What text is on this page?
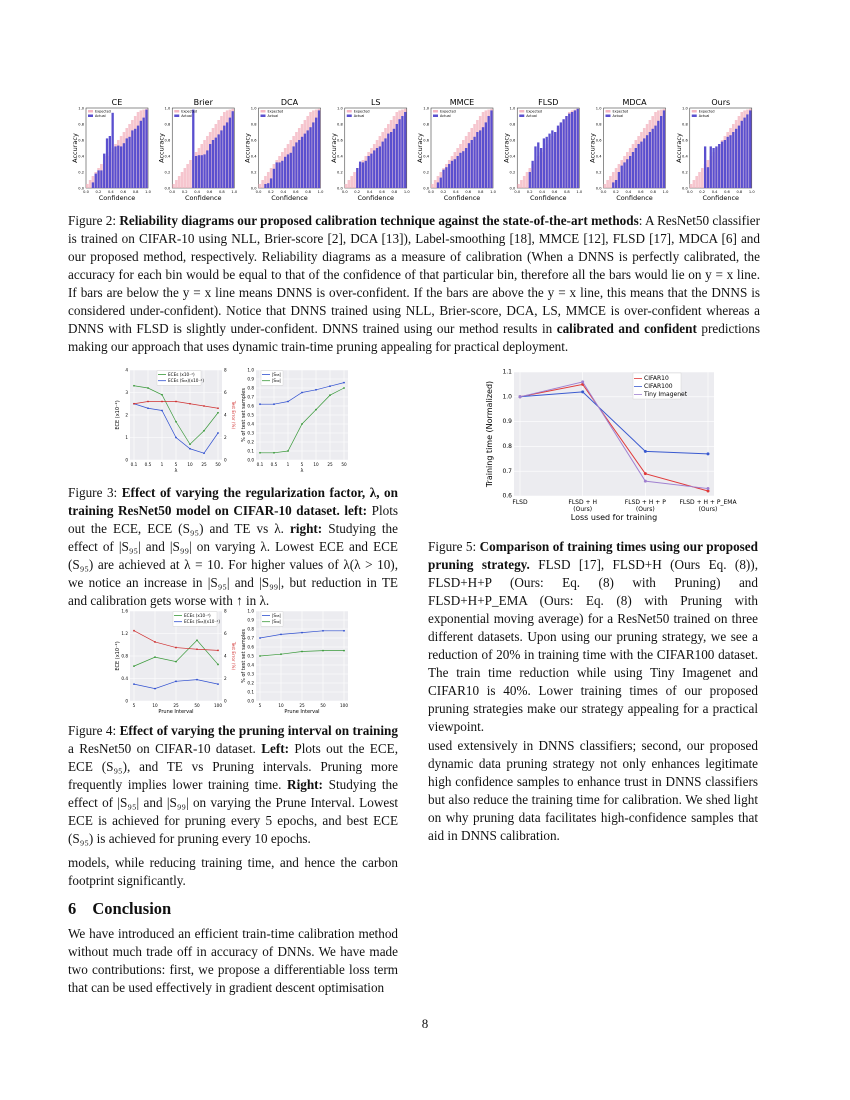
CE
0.0
0.2
0.4
0.6
0.8
1.0
0.0 0.2 0.4 0.6 0.8 1.0
Confidence
Accuracy
Expected
Actual
Brier
0.0
0.2
0.4
0.6
0.8
1.0
0.0 0.2 0.4 0.6 0.8 1.0
Confidence
Accuracy
Expected
Actual
DCA
0.0
0.2
0.4
0.6
0.8
1.0
0.0 0.2 0.4 0.6 0.8 1.0
Confidence
Accuracy
Expected
Actual
LS
0.0
0.2
0.4
0.6
0.8
1.0
0.0 0.2 0.4 0.6 0.8 1.0
Confidence
Accuracy
Expected
Actual
MMCE
0.0
0.2
0.4
0.6
0.8
1.0
0.0 0.2 0.4 0.6 0.8 1.0
Confidence
Accuracy
Expected
Actual
FLSD
0.0
0.2
0.4
0.6
0.8
1.0
0.0 0.2 0.4 0.6 0.8 1.0
Confidence
Accuracy
Expected
Actual
MDCA
0.0
0.2
0.4
0.6
0.8
1.0
0.0 0.2 0.4 0.6 0.8 1.0
Confidence
Accuracy
Expected
Actual
Ours
0.0
0.2
0.4
0.6
0.8
1.0
0.0 0.2 0.4 0.6 0.8 1.0
Confidence
Accuracy
Expected
Actual
Figure 2: Reliability diagrams our proposed calibration technique against the state-of-the-art methods: A ResNet50 classifier is trained on CIFAR-10 using NLL, Brier-score [2], DCA [13]), Label-smoothing [18], MMCE [12], FLSD [17], MDCA [6] and our proposed method, respectively. Reliability diagrams as a measure of calibration (When a DNNS is perfectly calibrated, the accuracy for each bin would be equal to that of the confidence of that particular bin, therefore all the bars would lie on y = x line. If bars are below the y = x line means DNNS is over-confident. If the bars are above the y = x line, this means that the DNNS is considered under-confident). Notice that DNNS trained using NLL, Brier-score, DCA, LS, MMCE is over-confident whereas a DNNS with FLSD is slightly under-confident. DNNS trained using our method results in calibrated and confident predictions making our approach that uses dynamic train-time pruning appealing for practical deployment.
0
1
2
3
4
0.1 0.5 1	5 10 25 50
0
2
4
6
8
Test Error (%)
λ
ECE (x10⁻²)
ECEs (x10⁻²)
ECEs (S₉₅)(x10⁻²)
0.0
0.1
0.2
0.3
0.4
0.5
0.6
0.7
0.8
0.9
1.0
0.1 0.5 1	5 10 25 50
λ
% of test set samples
|S₉₅|
|S₉₉|
Figure 3: Effect of varying the regularization factor, λ, on training ResNet50 model on CIFAR-10 dataset. left: Plots out the ECE, ECE (S₉₅) and TE vs λ. right: Studying the effect of |S₉₅| and |S₉₉| on varying λ. Lowest ECE and ECE (S₉₅) are achieved at λ = 10. For higher values of λ(λ > 10), we notice an increase in |S₉₅| and |S₉₉|, but reduction in TE and calibration gets worse with ↑ in λ.
0
0.4
0.8
1.2
1.6
5	10	25	50	100
0
2
4
6
8
Test Error (%)
Prune Interval
ECE (x10⁻²)
ECEs (x10⁻²)
ECEs (S₉₅)(x10⁻²)
0.0
0.1
0.2
0.3
0.4
0.5
0.6
0.7
0.8
0.9
1.0
5	10	25	50	100
Prune Interval
% of test set samples
|S₉₅|
|S₉₉|
Figure 4: Effect of varying the pruning interval on training a ResNet50 on CIFAR-10 dataset. Left: Plots out the ECE, ECE (S₉₅), and TE vs Pruning intervals. Pruning more frequently implies lower training time. Right: Studying the effect of |S₉₅| and |S₉₉| on varying the Prune Interval. Lowest ECE is achieved for pruning every 5 epochs, and best ECE (S₉₅) is achieved for pruning every 10 epochs.
models, while reducing training time, and hence the carbon footprint significantly.
6 Conclusion
We have introduced an efficient train-time calibration method without much trade off in accuracy of DNNs. We have made two contributions: first, we propose a differentiable loss term that can be used effectively in gradient descent optimisation
0.6
0.7
0.8
0.9
1.0
1.1
FLSD	FLSD + H
(Ours)
FLSD + H + P
(Ours)
FLSD + H + P_EMA
(Ours)
Loss used for training
Training time (Normalized)
CIFAR10
CIFAR100
Tiny Imagenet
Figure 5: Comparison of training times using our proposed pruning strategy. FLSD [17], FLSD+H (Ours Eq. (8)), FLSD+H+P (Ours: Eq. (8) with Pruning) and FLSD+H+P_EMA (Ours: Eq. (8) with Pruning with exponential moving average) for a ResNet50 trained on three different datasets. Upon using our pruning strategy, we see a reduction of 20% in training time with the CIFAR100 dataset. The train time reduction while using Tiny Imagenet and CIFAR10 is 40%. Lower training times of our proposed pruning strategies make our strategy appealing for a practical viewpoint.
used extensively in DNNS classifiers; second, our proposed dynamic data pruning strategy not only enhances legitimate high confidence samples to enhance trust in DNNS classifiers but also reduce the training time for calibration. We shed light on why pruning data facilitates high-confidence samples that aid in DNNS calibration.
8
